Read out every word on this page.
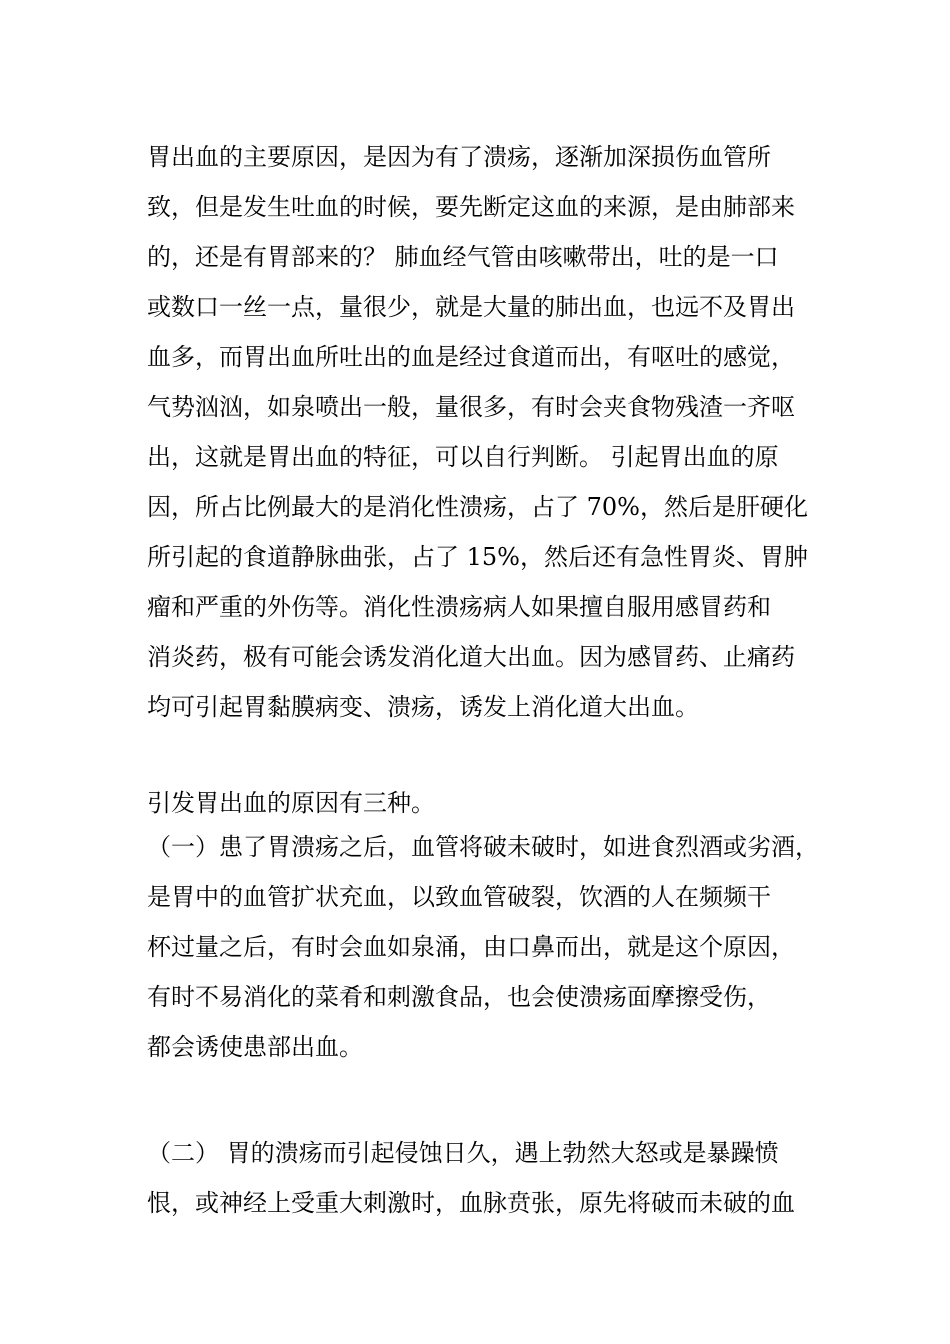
胃出血的主要原因，是因为有了溃疡，逐渐加深损伤血管所
致，但是发生吐血的时候，要先断定这血的来源，是由肺部来
的，还是有胃部来的？ 肺血经气管由咳嗽带出，吐的是一口
或数口一丝一点，量很少，就是大量的肺出血，也远不及胃出
血多，而胃出血所吐出的血是经过食道而出，有呕吐的感觉，
气势汹汹，如泉喷出一般，量很多，有时会夹食物残渣一齐呕
出，这就是胃出血的特征，可以自行判断。 引起胃出血的原
因，所占比例最大的是消化性溃疡，占了 70%，然后是肝硬化
所引起的食道静脉曲张，占了 15%，然后还有急性胃炎、胃肿
瘤和严重的外伤等。消化性溃疡病人如果擅自服用感冒药和
消炎药，极有可能会诱发消化道大出血。因为感冒药、止痛药
均可引起胃黏膜病变、溃疡，诱发上消化道大出血。
引发胃出血的原因有三种。
（一）患了胃溃疡之后，血管将破未破时，如进食烈酒或劣酒，
是胃中的血管扩状充血，以致血管破裂，饮酒的人在频频干
杯过量之后，有时会血如泉涌，由口鼻而出，就是这个原因，
有时不易消化的菜肴和刺激食品，也会使溃疡面摩擦受伤，
都会诱使患部出血。
（二） 胃的溃疡而引起侵蚀日久，遇上勃然大怒或是暴躁愤
恨，或神经上受重大刺激时，血脉贲张，原先将破而未破的血
